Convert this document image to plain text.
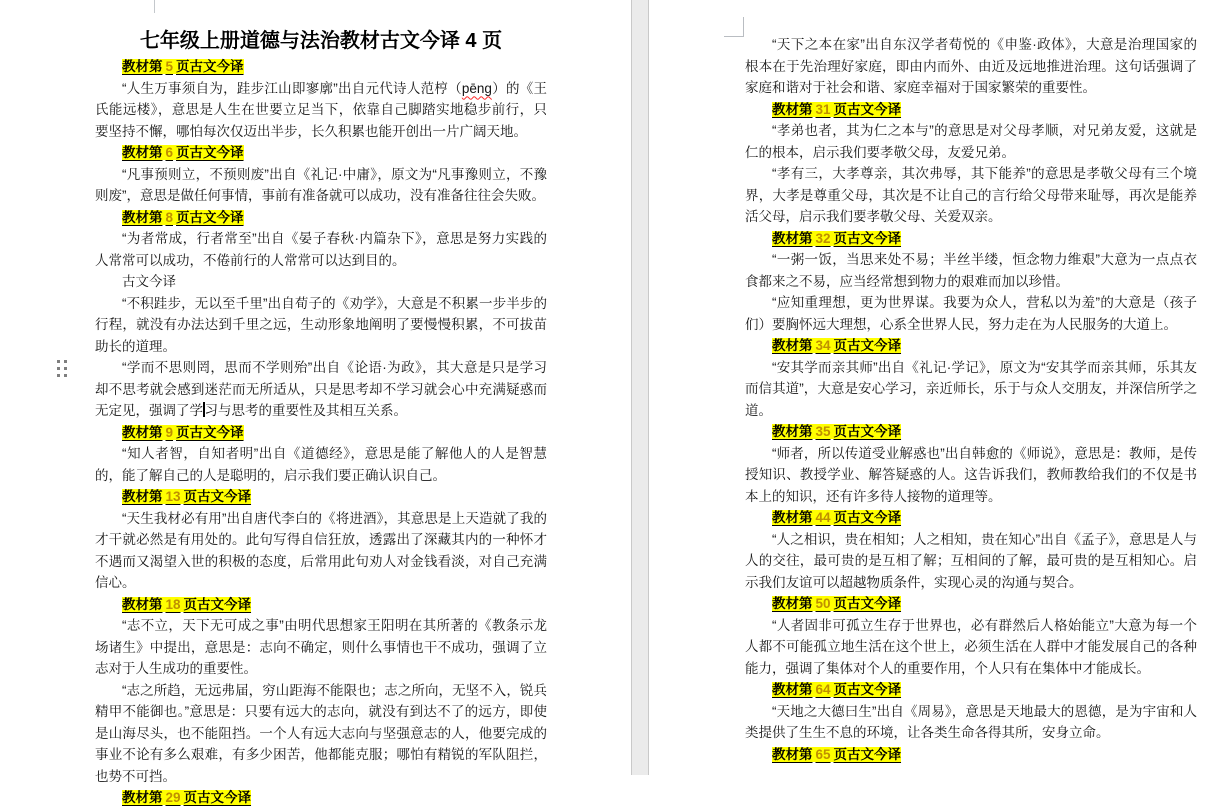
七年级上册道德与法治教材古文今译 4 页
教材第 5 页古文今译
“人生万事须自为，跬步江山即寥廓”出自元代诗人范梈（pēng）的《王氏能远楼》，意思是人生在世要立足当下，依靠自己脚踏实地稳步前行，只要坚持不懈，哪怕每次仅迈出半步，长久积累也能开创出一片广阔天地。
教材第 6 页古文今译
“凡事预则立，不预则废”出自《礼记·中庸》，原文为“凡事豫则立，不豫则废”，意思是做任何事情，事前有准备就可以成功，没有准备往往会失败。
教材第 8 页古文今译
“为者常成，行者常至”出自《晏子春秋·内篇杂下》，意思是努力实践的人常常可以成功，不倦前行的人常常可以达到目的。
古文今译
“不积跬步，无以至千里”出自荀子的《劝学》，大意是不积累一步半步的行程，就没有办法达到千里之远，生动形象地阐明了要慢慢积累，不可拔苗助长的道理。
“学而不思则罔，思而不学则殆”出自《论语·为政》，其大意是只是学习却不思考就会感到迷茫而无所适从，只是思考却不学习就会心中充满疑惑而无定见，强调了学 习与思考的重要性及其相互关系。
教材第 9 页古文今译
“知人者智，自知者明”出自《道德经》，意思是能了解他人的人是智慧的，能了解自己的人是聪明的，启示我们要正确认识自己。
教材第 13 页古文今译
“天生我材必有用”出自唐代李白的《将进酒》，其意思是上天造就了我的才干就必然是有用处的。此句写得自信狂放，透露出了深藏其内的一种怀才不遇而又渴望入世的积极的态度，后常用此句劝人对金钱看淡，对自己充满信心。
教材第 18 页古文今译
“志不立，天下无可成之事”由明代思想家王阳明在其所著的《教条示龙场诸生》中提出，意思是：志向不确定，则什么事情也干不成功，强调了立志对于人生成功的重要性。
“志之所趋，无远弗届，穷山距海不能限也；志之所向，无坚不入，锐兵精甲不能御也。”意思是：只要有远大的志向，就没有到达不了的远方，即使是山海尽头，也不能阻挡。一个人有远大志向与坚强意志的人，他要完成的事业不论有多么艰难，有多少困苦，他都能克服；哪怕有精锐的军队阻拦，也势不可挡。
教材第 29 页古文今译
“天下之本在家”出自东汉学者荀悦的《申鉴·政体》，大意是治理国家的根本在于先治理好家庭，即由内而外、由近及远地推进治理。这句话强调了家庭和谐对于社会和谐、家庭幸福对于国家繁荣的重要性。
教材第 31 页古文今译
“孝弟也者，其为仁之本与”的意思是对父母孝顺，对兄弟友爱，这就是仁的根本，启示我们要孝敬父母，友爱兄弟。
“孝有三，大孝尊亲，其次弗辱，其下能养”的意思是孝敬父母有三个境界，大孝是尊重父母，其次是不让自己的言行给父母带来耻辱，再次是能养活父母，启示我们要孝敬父母、关爱双亲。
教材第 32 页古文今译
“一粥一饭，当思来处不易；半丝半缕，恒念物力维艰”大意为一点点衣食都来之不易，应当经常想到物力的艰难而加以珍惜。
“应知重理想，更为世界谋。我要为众人，营私以为羞”的大意是（孩子们）要胸怀远大理想，心系全世界人民，努力走在为人民服务的大道上。
教材第 34 页古文今译
“安其学而亲其师”出自《礼记·学记》，原文为“安其学而亲其师，乐其友而信其道”，大意是安心学习，亲近师长，乐于与众人交朋友，并深信所学之道。
教材第 35 页古文今译
“师者，所以传道受业解惑也”出自韩愈的《师说》，意思是：教师，是传授知识、教授学业、解答疑惑的人。这告诉我们，教师教给我们的不仅是书本上的知识，还有许多待人接物的道理等。
教材第 44 页古文今译
“人之相识，贵在相知；人之相知，贵在知心”出自《孟子》，意思是人与人的交往，最可贵的是互相了解；互相间的了解，最可贵的是互相知心。启示我们友谊可以超越物质条件，实现心灵的沟通与契合。
教材第 50 页古文今译
“人者固非可孤立生存于世界也，必有群然后人格始能立”大意为每一个人都不可能孤立地生活在这个世上，必须生活在人群中才能发展自己的各种能力，强调了集体对个人的重要作用，个人只有在集体中才能成长。
教材第 64 页古文今译
“天地之大德曰生”出自《周易》，意思是天地最大的恩德，是为宇宙和人类提供了生生不息的环境，让各类生命各得其所，安身立命。
教材第 65 页古文今译
